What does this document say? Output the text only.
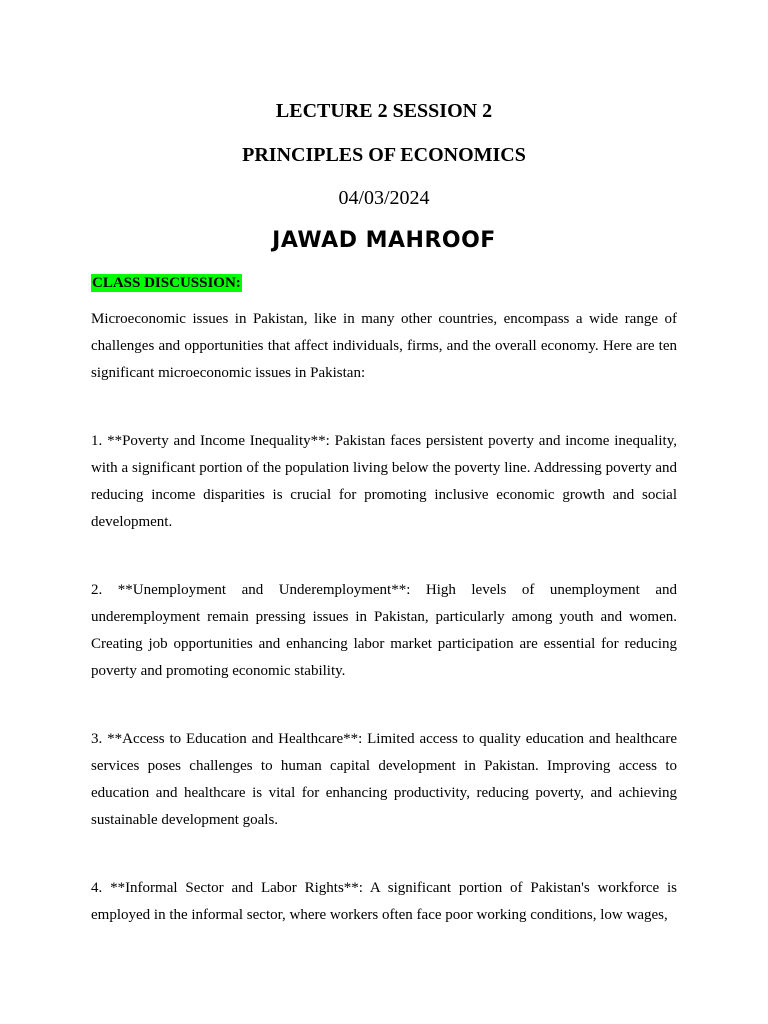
LECTURE 2 SESSION 2
PRINCIPLES OF ECONOMICS
04/03/2024
JAWAD MAHROOF
CLASS DISCUSSION:

Microeconomic issues in Pakistan, like in many other countries, encompass a wide range of challenges and opportunities that affect individuals, firms, and the overall economy. Here are ten significant microeconomic issues in Pakistan:

1. **Poverty and Income Inequality**: Pakistan faces persistent poverty and income inequality, with a significant portion of the population living below the poverty line. Addressing poverty and reducing income disparities is crucial for promoting inclusive economic growth and social development.

2. **Unemployment and Underemployment**: High levels of unemployment and underemployment remain pressing issues in Pakistan, particularly among youth and women. Creating job opportunities and enhancing labor market participation are essential for reducing poverty and promoting economic stability.

3. **Access to Education and Healthcare**: Limited access to quality education and healthcare services poses challenges to human capital development in Pakistan. Improving access to education and healthcare is vital for enhancing productivity, reducing poverty, and achieving sustainable development goals.

4. **Informal Sector and Labor Rights**: A significant portion of Pakistan's workforce is employed in the informal sector, where workers often face poor working conditions, low wages,
